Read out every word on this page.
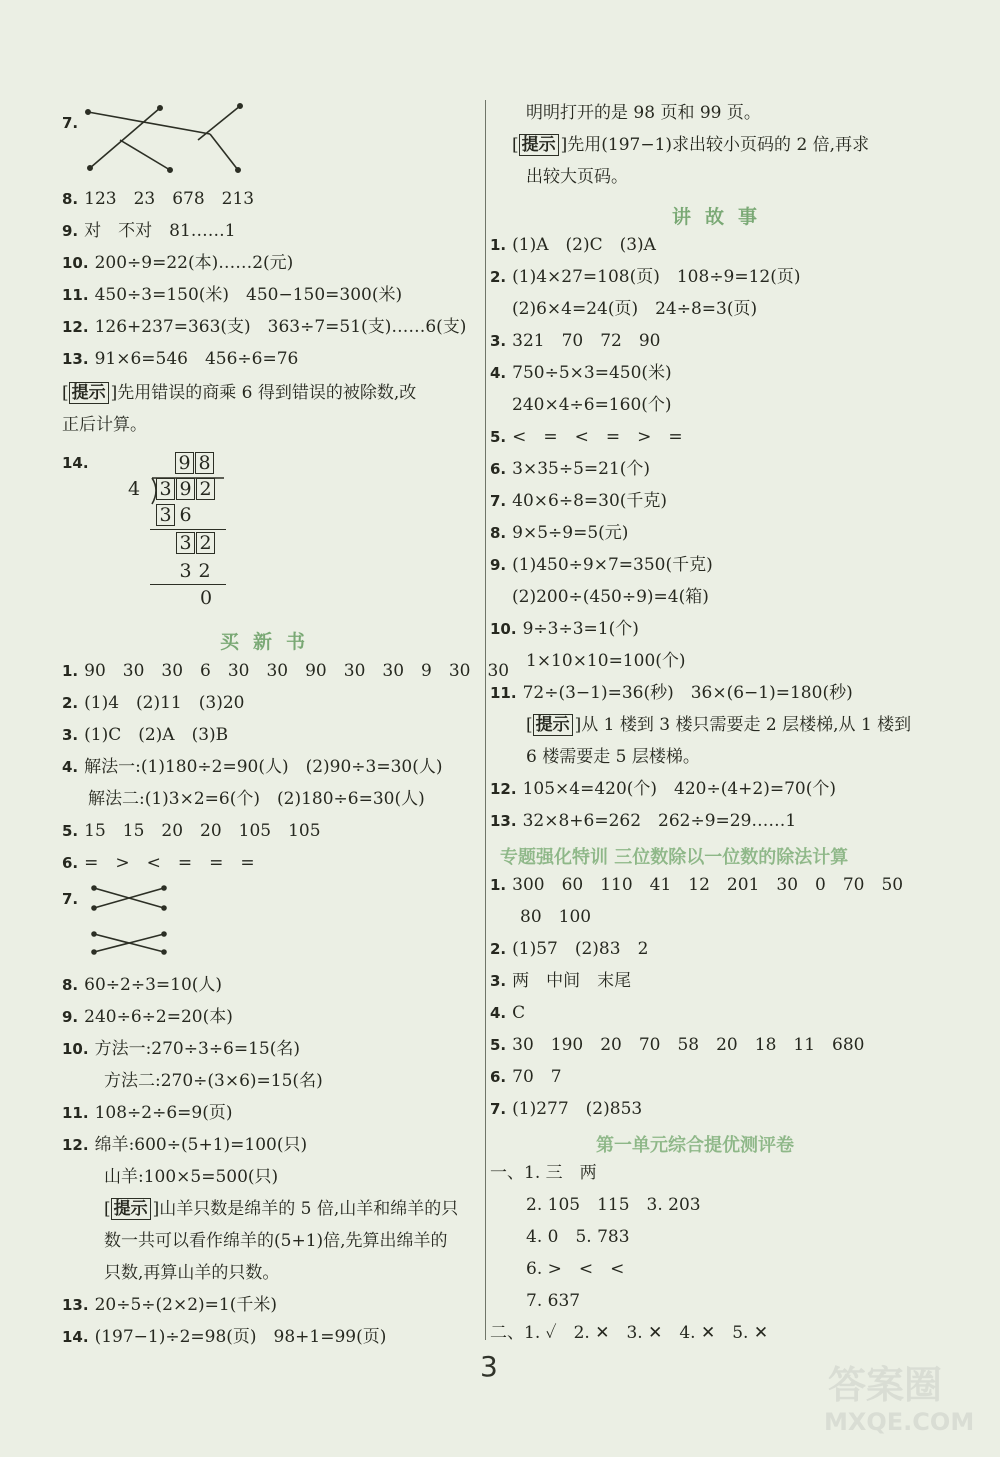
7.
8. 123　23　678　213
9. 对　不对　81……1
10. 200÷9=22(本)……2(元)
11. 450÷3=150(米)　450−150=300(米)
12. 126+237=363(支)　363÷7=51(支)……6(支)
13. 91×6=546　456÷6=76
[ 提示 ]先用错误的商乘 6 得到错误的被除数,改
正后计算。
14.	9 8
4 3 9 2
3 6
3 2
3 2
0
买新书
1. 90　30　30　6　30　30　90　30　30　9　30　30
2. (1)4　(2)11　(3)20
3. (1)C　(2)A　(3)B
4. 解法一:(1)180÷2=90(人)　(2)90÷3=30(人)
解法二:(1)3×2=6(个)　(2)180÷6=30(人)
5. 15　15　20　20　105　105
6. =　>　<　=　=　=
7.
8. 60÷2÷3=10(人)
9. 240÷6÷2=20(本)
10. 方法一:270÷3÷6=15(名)
方法二:270÷(3×6)=15(名)
11. 108÷2÷6=9(页)
12. 绵羊:600÷(5+1)=100(只)
山羊:100×5=500(只)
[ 提示 ]山羊只数是绵羊的 5 倍,山羊和绵羊的只
数一共可以看作绵羊的(5+1)倍,先算出绵羊的
只数,再算山羊的只数。
13. 20÷5÷(2×2)=1(千米)
14. (197−1)÷2=98(页)　98+1=99(页)
明明打开的是 98 页和 99 页。
[ 提示 ]先用(197−1)求出较小页码的 2 倍,再求
出较大页码。
讲故事
1. (1)A　(2)C　(3)A
2. (1)4×27=108(页)　108÷9=12(页)
(2)6×4=24(页)　24÷8=3(页)
3. 321　70　72　90
4. 750÷5×3=450(米)
240×4÷6=160(个)
5. <　=　<　=　>　=
6. 3×35÷5=21(个)
7. 40×6÷8=30(千克)
8. 9×5÷9=5(元)
9. (1)450÷9×7=350(千克)
(2)200÷(450÷9)=4(箱)
10. 9÷3÷3=1(个)
1×10×10=100(个)
11. 72÷(3−1)=36(秒)　36×(6−1)=180(秒)
[ 提示 ]从 1 楼到 3 楼只需要走 2 层楼梯,从 1 楼到
6 楼需要走 5 层楼梯。
12. 105×4=420(个)　420÷(4+2)=70(个)
13. 32×8+6=262　262÷9=29……1
专题强化特训 三位数除以一位数的除法计算
1. 300　60　110　41　12　201　30　0　70　50
80　100
2. (1)57　(2)83　2
3. 两　中间　末尾
4. C
5. 30　190　20　70　58　20　18　11　680
6. 70　7
7. (1)277　(2)853
第一单元综合提优测评卷
一、1. 三　两
2. 105　115　3. 203
4. 0　5. 783
6. >　<　<
7. 637
二、1. ✓　2. ✕　3. ✕　4. ✕　5. ✕
3	答案圈
MXQE.COM
